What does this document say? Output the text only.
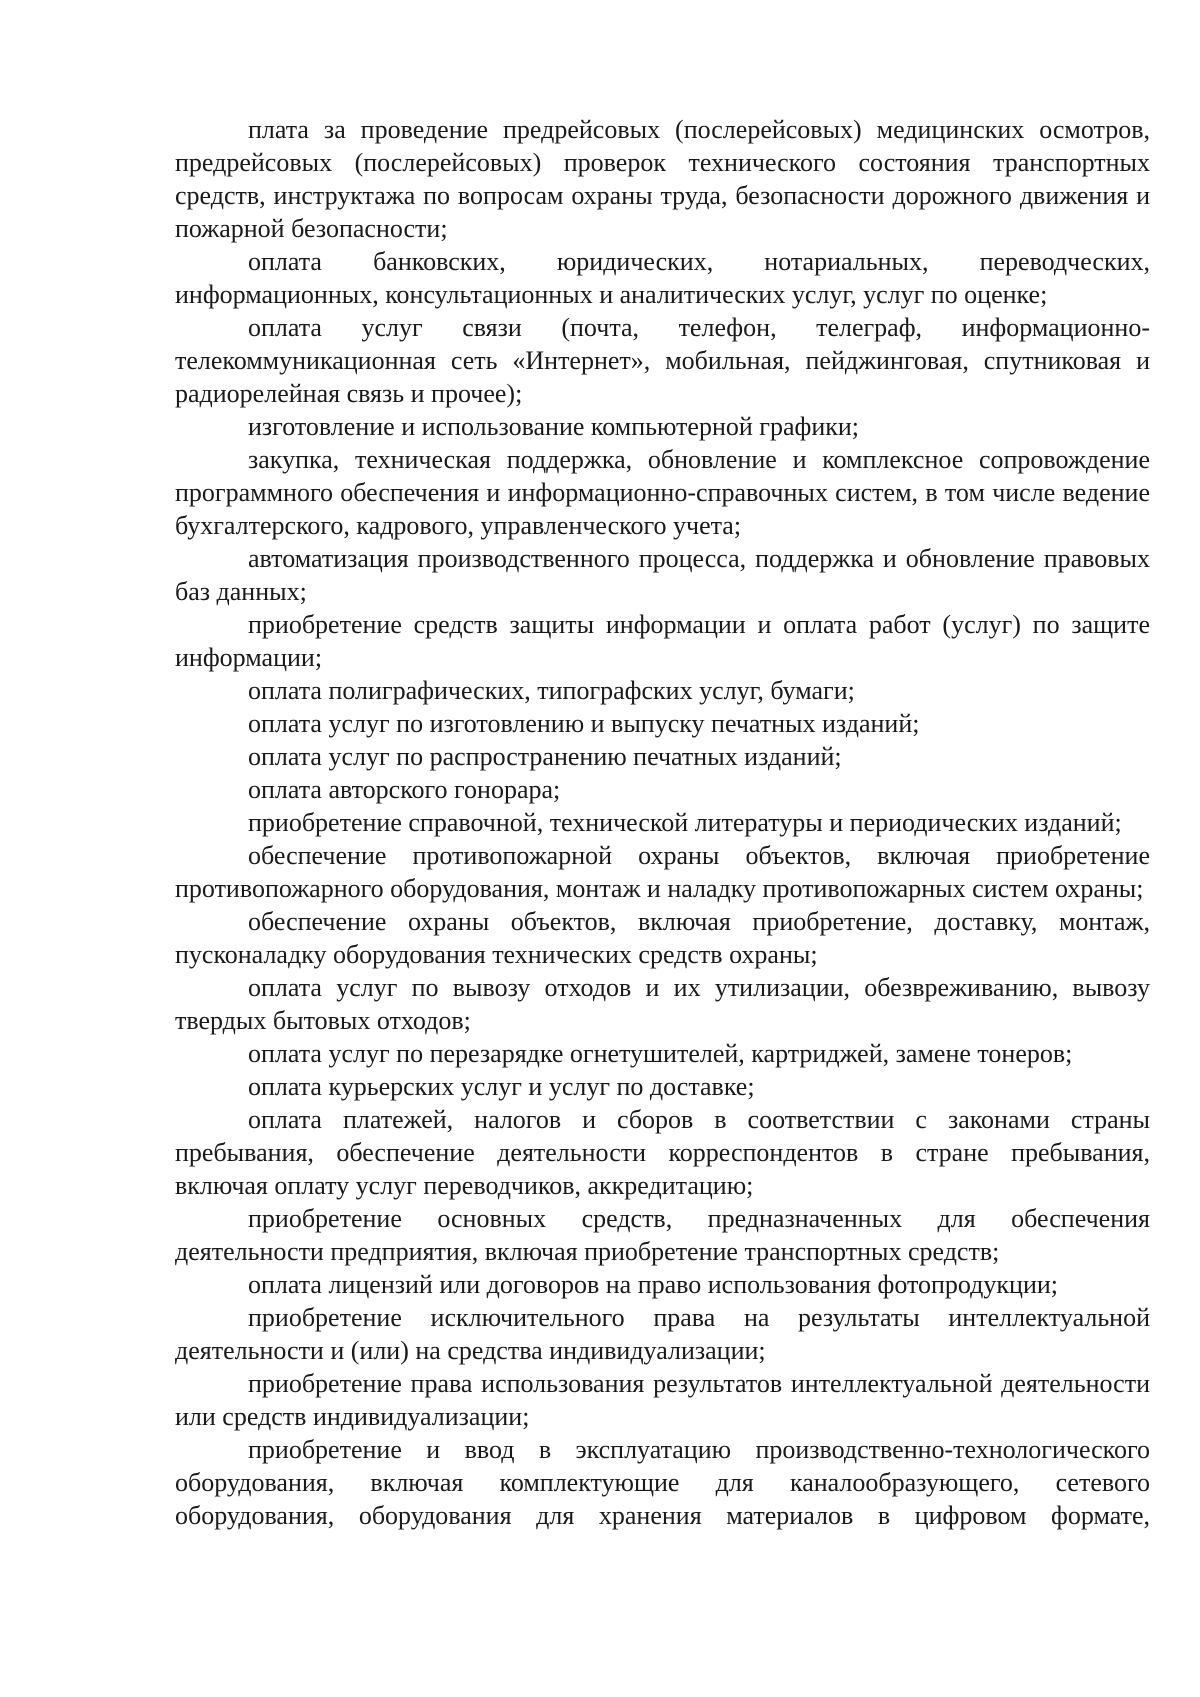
плата за проведение предрейсовых (послерейсовых) медицинских осмотров, предрейсовых (послерейсовых) проверок технического состояния транспортных средств, инструктажа по вопросам охраны труда, безопасности дорожного движения и пожарной безопасности;

оплата банковских, юридических, нотариальных, переводческих, информационных, консультационных и аналитических услуг, услуг по оценке;

оплата услуг связи (почта, телефон, телеграф, информационно-телекоммуникационная сеть «Интернет», мобильная, пейджинговая, спутниковая и радиорелейная связь и прочее);

изготовление и использование компьютерной графики;

закупка, техническая поддержка, обновление и комплексное сопровождение программного обеспечения и информационно-справочных систем, в том числе ведение бухгалтерского, кадрового, управленческого учета;

автоматизация производственного процесса, поддержка и обновление правовых баз данных;

приобретение средств защиты информации и оплата работ (услуг) по защите информации;

оплата полиграфических, типографских услуг, бумаги;

оплата услуг по изготовлению и выпуску печатных изданий;

оплата услуг по распространению печатных изданий;

оплата авторского гонорара;

приобретение справочной, технической литературы и периодических изданий;

обеспечение противопожарной охраны объектов, включая приобретение противопожарного оборудования, монтаж и наладку противопожарных систем охраны;

обеспечение охраны объектов, включая приобретение, доставку, монтаж, пусконаладку оборудования технических средств охраны;

оплата услуг по вывозу отходов и их утилизации, обезвреживанию, вывозу твердых бытовых отходов;

оплата услуг по перезарядке огнетушителей, картриджей, замене тонеров;

оплата курьерских услуг и услуг по доставке;

оплата платежей, налогов и сборов в соответствии с законами страны пребывания, обеспечение деятельности корреспондентов в стране пребывания, включая оплату услуг переводчиков, аккредитацию;

приобретение основных средств, предназначенных для обеспечения деятельности предприятия, включая приобретение транспортных средств;

оплата лицензий или договоров на право использования фотопродукции;

приобретение исключительного права на результаты интеллектуальной деятельности и (или) на средства индивидуализации;

приобретение права использования результатов интеллектуальной деятельности или средств индивидуализации;

приобретение и ввод в эксплуатацию производственно-технологического оборудования, включая комплектующие для каналообразующего, сетевого оборудования, оборудования для хранения материалов в цифровом формате,
